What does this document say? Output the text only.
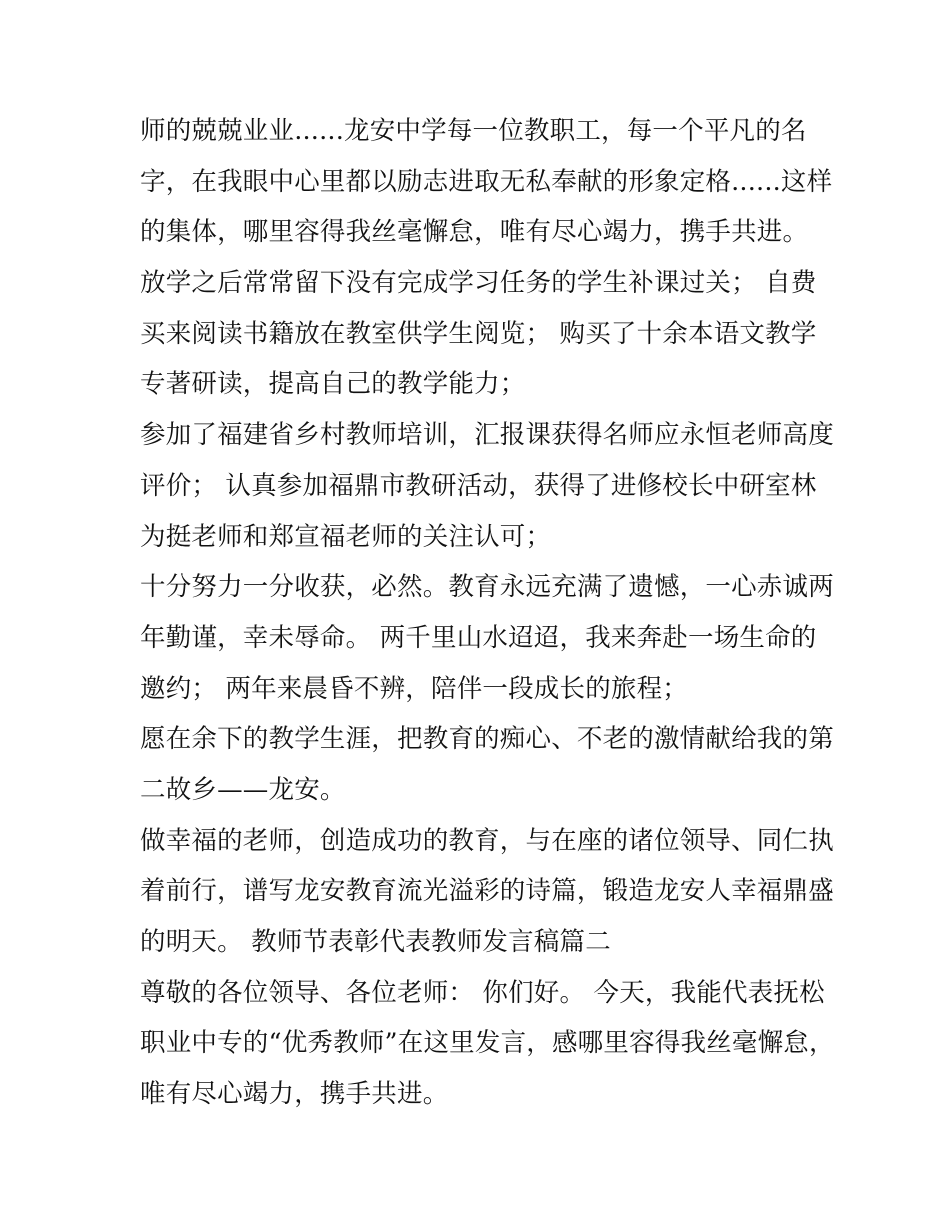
师的兢兢业业......龙安中学每一位教职工，每一个平凡的名
字，在我眼中心里都以励志进取无私奉献的形象定格......这样
的集体，哪里容得我丝毫懈怠，唯有尽心竭力，携手共进。

放学之后常常留下没有完成学习任务的学生补课过关； 自费
买来阅读书籍放在教室供学生阅览； 购买了十余本语文教学
专著研读，提高自己的教学能力；

参加了福建省乡村教师培训，汇报课获得名师应永恒老师高度
评价； 认真参加福鼎市教研活动，获得了进修校长中研室林
为挺老师和郑宣福老师的关注认可；

十分努力一分收获，必然。教育永远充满了遗憾，一心赤诚两
年勤谨，幸未辱命。 两千里山水迢迢，我来奔赴一场生命的
邀约； 两年来晨昏不辨，陪伴一段成长的旅程；

愿在余下的教学生涯，把教育的痴心、不老的激情献给我的第
二故乡——龙安。

做幸福的老师，创造成功的教育，与在座的诸位领导、同仁执
着前行，谱写龙安教育流光溢彩的诗篇，锻造龙安人幸福鼎盛
的明天。 教师节表彰代表教师发言稿篇二

尊敬的各位领导、各位老师： 你们好。 今天，我能代表抚松
职业中专的“优秀教师”在这里发言，感哪里容得我丝毫懈怠，
唯有尽心竭力，携手共进。
